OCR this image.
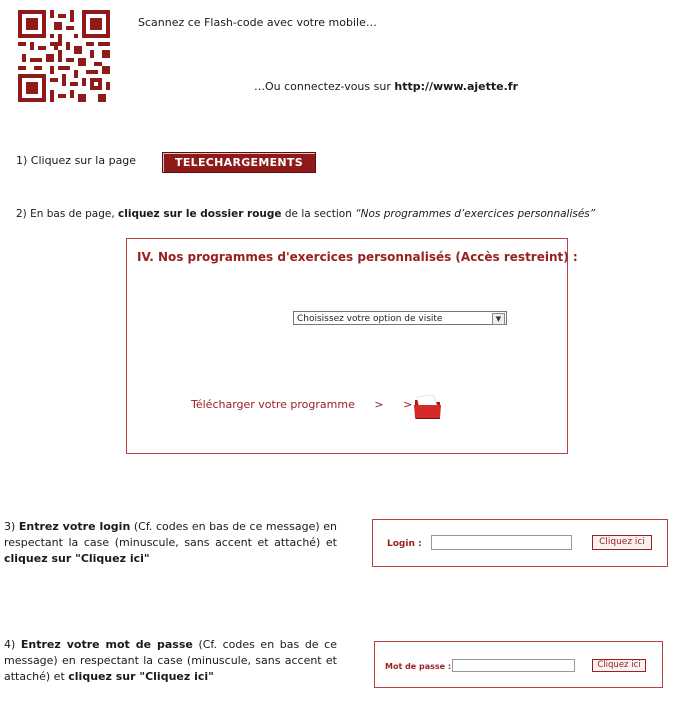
Scannez ce Flash-code avec votre mobile…
…Ou connectez-vous sur http://www.ajette.fr
1) Cliquez sur la page	TELECHARGEMENTS
2) En bas de page, cliquez sur le dossier rouge de la section “Nos programmes d’exercices personnalisés”
IV. Nos programmes d'exercices personnalisés (Accès restreint) :
Choisissez votre option de visite	▼
Télécharger votre programme > >
3) Entrez votre login (Cf. codes en bas de ce message) en respectant la case (minuscule, sans accent et attaché) et cliquez sur "Cliquez ici"
Login :	Cliquez ici
4) Entrez votre mot de passe (Cf. codes en bas de ce message) en respectant la case (minuscule, sans accent et attaché) et cliquez sur "Cliquez ici"
Mot de passe :	Cliquez ici
